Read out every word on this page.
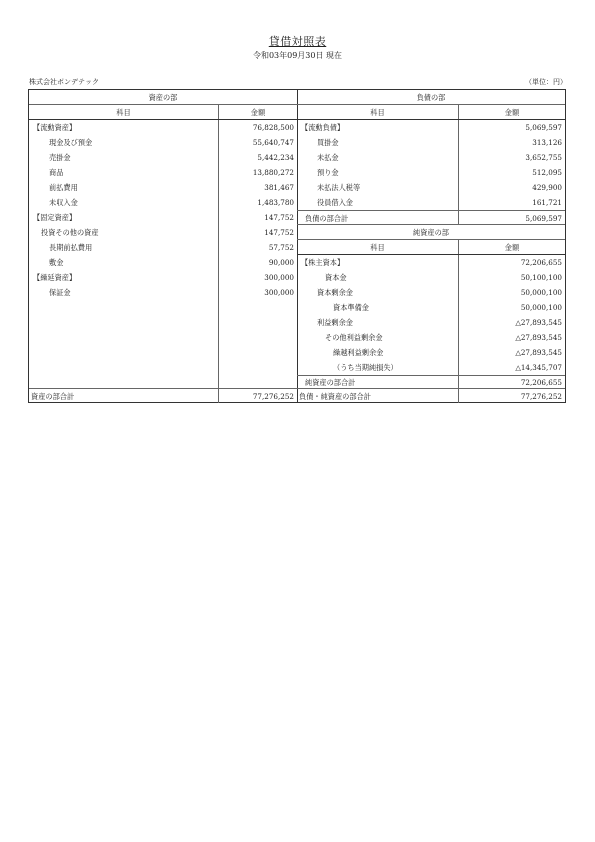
貸借対照表
令和03年09月30日 現在
株式会社ボンデテック	（単位：円）
資産の部
科目	金額
【流動資産】	76,828,500
現金及び預金	55,640,747
売掛金	5,442,234
商品	13,880,272
前払費用	381,467
未収入金	1,483,780
【固定資産】	147,752
投資その他の資産	147,752
長期前払費用	57,752
敷金	90,000
【繰延資産】	300,000
保証金	300,000
資産の部合計	77,276,252
負債の部
科目	金額
【流動負債】	5,069,597
買掛金	313,126
未払金	3,652,755
預り金	512,095
未払法人税等	429,900
役員借入金	161,721
負債の部合計	5,069,597
純資産の部
科目	金額
【株主資本】	72,206,655
資本金	50,100,100
資本剰余金	50,000,100
資本準備金	50,000,100
利益剰余金	△27,893,545
その他利益剰余金	△27,893,545
繰越利益剰余金	△27,893,545
（うち当期純損失）	△14,345,707
純資産の部合計	72,206,655
負債・純資産の部合計	77,276,252
